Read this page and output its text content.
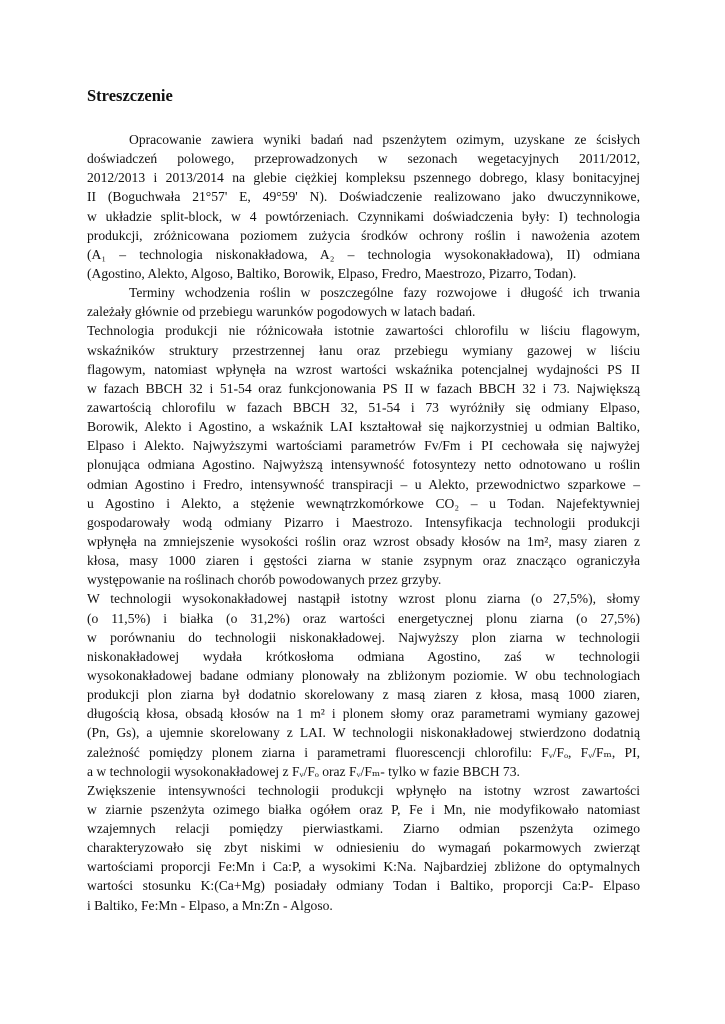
Streszczenie
Opracowanie zawiera wyniki badań nad pszenżytem ozimym, uzyskane ze ścisłych
doświadczeń polowego, przeprowadzonych w sezonach wegetacyjnych 2011/2012,
2012/2013 i 2013/2014 na glebie ciężkiej kompleksu pszennego dobrego, klasy bonitacyjnej
II (Boguchwała 21°57' E, 49°59' N). Doświadczenie realizowano jako dwuczynnikowe,
w układzie split-block, w 4 powtórzeniach. Czynnikami doświadczenia były: I) technologia
produkcji, zróżnicowana poziomem zużycia środków ochrony roślin i nawożenia azotem
(A₁ – technologia niskonakładowa, A₂ – technologia wysokonakładowa), II) odmiana
(Agostino, Alekto, Algoso, Baltiko, Borowik, Elpaso, Fredro, Maestrozo, Pizarro, Todan).
Terminy wchodzenia roślin w poszczególne fazy rozwojowe i długość ich trwania
zależały głównie od przebiegu warunków pogodowych w latach badań.
Technologia produkcji nie różnicowała istotnie zawartości chlorofilu w liściu flagowym,
wskaźników struktury przestrzennej łanu oraz przebiegu wymiany gazowej w liściu
flagowym, natomiast wpłynęła na wzrost wartości wskaźnika potencjalnej wydajności PS II
w fazach BBCH 32 i 51-54 oraz funkcjonowania PS II w fazach BBCH 32 i 73. Największą
zawartością chlorofilu w fazach BBCH 32, 51-54 i 73 wyróżniły się odmiany Elpaso,
Borowik, Alekto i Agostino, a wskaźnik LAI kształtował się najkorzystniej u odmian Baltiko,
Elpaso i Alekto. Najwyższymi wartościami parametrów Fv/Fm i PI cechowała się najwyżej
plonująca odmiana Agostino. Najwyższą intensywność fotosyntezy netto odnotowano u roślin
odmian Agostino i Fredro, intensywność transpiracji – u Alekto, przewodnictwo szparkowe –
u Agostino i Alekto, a stężenie wewnątrzkomórkowe CO₂ – u Todan. Najefektywniej
gospodarowały wodą odmiany Pizarro i Maestrozo. Intensyfikacja technologii produkcji
wpłynęła na zmniejszenie wysokości roślin oraz wzrost obsady kłosów na 1m², masy ziaren z
kłosa, masy 1000 ziaren i gęstości ziarna w stanie zsypnym oraz znacząco ograniczyła
występowanie na roślinach chorób powodowanych przez grzyby.
W technologii wysokonakładowej nastąpił istotny wzrost plonu ziarna (o 27,5%), słomy
(o 11,5%) i białka (o 31,2%) oraz wartości energetycznej plonu ziarna (o 27,5%)
w porównaniu do technologii niskonakładowej. Najwyższy plon ziarna w technologii
niskonakładowej wydała krótkosłoma odmiana Agostino, zaś w technologii
wysokonakładowej badane odmiany plonowały na zbliżonym poziomie. W obu technologiach
produkcji plon ziarna był dodatnio skorelowany z masą ziaren z kłosa, masą 1000 ziaren,
długością kłosa, obsadą kłosów na 1 m² i plonem słomy oraz parametrami wymiany gazowej
(Pn, Gs), a ujemnie skorelowany z LAI. W technologii niskonakładowej stwierdzono dodatnią
zależność pomiędzy plonem ziarna i parametrami fluorescencji chlorofilu: Fᵥ/Fₒ, Fᵥ/Fₘ, PI,
a w technologii wysokonakładowej z Fᵥ/Fₒ oraz Fᵥ/Fₘ- tylko w fazie BBCH 73.
Zwiększenie intensywności technologii produkcji wpłynęło na istotny wzrost zawartości
w ziarnie pszenżyta ozimego białka ogółem oraz P, Fe i Mn, nie modyfikowało natomiast
wzajemnych relacji pomiędzy pierwiastkami. Ziarno odmian pszenżyta ozimego
charakteryzowało się zbyt niskimi w odniesieniu do wymagań pokarmowych zwierząt
wartościami proporcji Fe:Mn i Ca:P, a wysokimi K:Na. Najbardziej zbliżone do optymalnych
wartości stosunku K:(Ca+Mg) posiadały odmiany Todan i Baltiko, proporcji Ca:P- Elpaso
i Baltiko, Fe:Mn - Elpaso, a Mn:Zn - Algoso.
